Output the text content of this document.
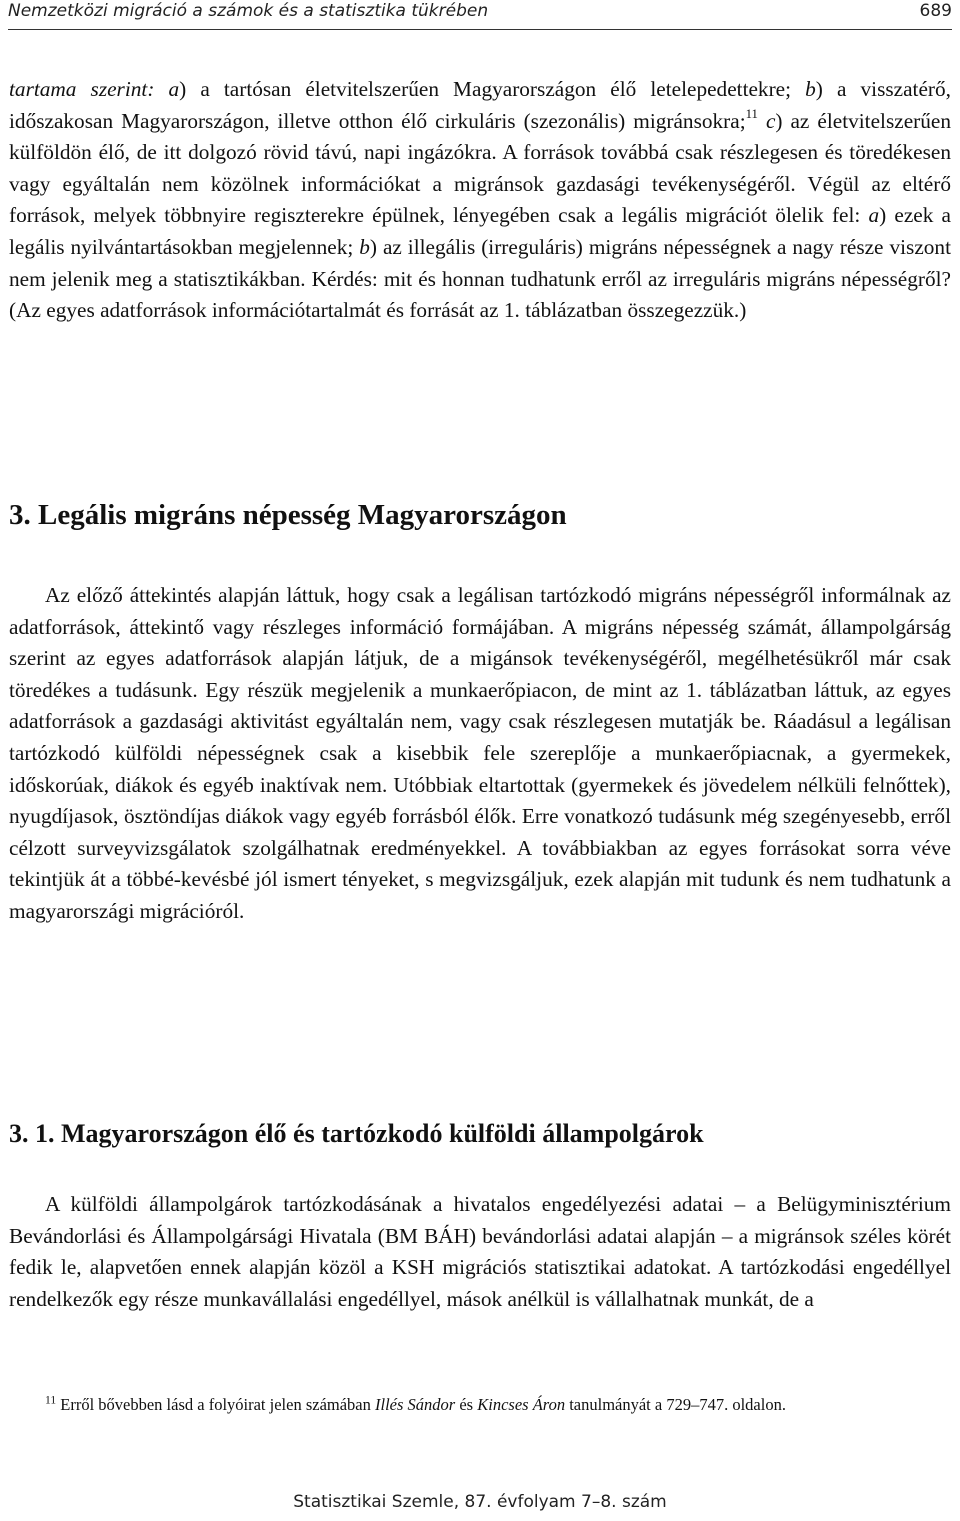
Nemzetközi migráció a számok és a statisztika tükrében	689

tartama szerint: a) a tartósan életvitelszerűen Magyarországon élő letelepedettekre; b) a visszatérő, időszakosan Magyarországon, illetve otthon élő cirkuláris (szezonális) migránsokra;$^{11}$ c) az életvitelszerűen külföldön élő, de itt dolgozó rövid távú, napi ingázókra. A források továbbá csak részlegesen és töredékesen vagy egyáltalán nem közölnek információkat a migránsok gazdasági tevékenységéről. Végül az eltérő források, melyek többnyire regiszterekre épülnek, lényegében csak a legális migrációt ölelik fel: a) ezek a legális nyilvántartásokban megjelennek; b) az illegális (irreguláris) migráns népességnek a nagy része viszont nem jelenik meg a statisztikákban. Kérdés: mit és honnan tudhatunk erről az irreguláris migráns népességről? (Az egyes adatforrások információtartalmát és forrását az 1. táblázatban összegezzük.)

3. Legális migráns népesség Magyarországon

Az előző áttekintés alapján láttuk, hogy csak a legálisan tartózkodó migráns népességről informálnak az adatforrások, áttekintő vagy részleges információ formájában. A migráns népesség számát, állampolgárság szerint az egyes adatforrások alapján látjuk, de a migánsok tevékenységéről, megélhetésükről már csak töredékes a tudásunk. Egy részük megjelenik a munkaerőpiacon, de mint az 1. táblázatban láttuk, az egyes adatforrások a gazdasági aktivitást egyáltalán nem, vagy csak részlegesen mutatják be. Ráadásul a legálisan tartózkodó külföldi népességnek csak a kisebbik fele szereplője a munkaerőpiacnak, a gyermekek, időskorúak, diákok és egyéb inaktívak nem. Utóbbiak eltartottak (gyermekek és jövedelem nélküli felnőttek), nyugdíjasok, ösztöndíjas diákok vagy egyéb forrásból élők. Erre vonatkozó tudásunk még szegényesebb, erről célzott surveyvizsgálatok szolgálhatnak eredményekkel. A továbbiakban az egyes forrásokat sorra véve tekintjük át a többé-kevésbé jól ismert tényeket, s megvizsgáljuk, ezek alapján mit tudunk és nem tudhatunk a magyarországi migrációról.

3. 1. Magyarországon élő és tartózkodó külföldi állampolgárok

A külföldi állampolgárok tartózkodásának a hivatalos engedélyezési adatai – a Belügyminisztérium Bevándorlási és Állampolgársági Hivatala (BM BÁH) bevándorlási adatai alapján – a migránsok széles körét fedik le, alapvetően ennek alapján közöl a KSH migrációs statisztikai adatokat. A tartózkodási engedéllyel rendelkezők egy része munkavállalási engedéllyel, mások anélkül is vállalhatnak munkát, de a

$^{11}$ Erről bővebben lásd a folyóirat jelen számában Illés Sándor és Kincses Áron tanulmányát a 729–747. oldalon.

Statisztikai Szemle, 87. évfolyam 7–8. szám
